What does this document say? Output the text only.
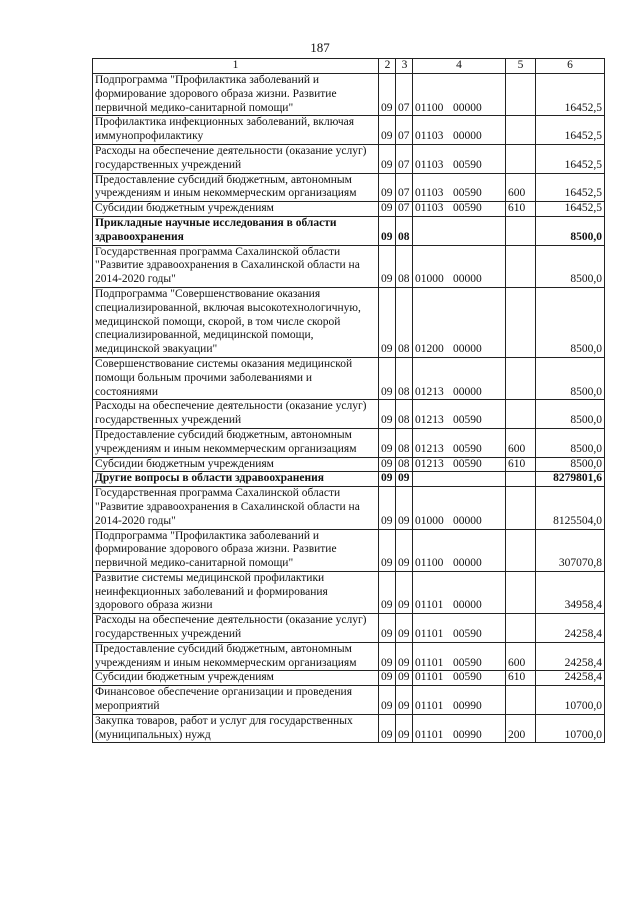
187
1	2	3	4	5	6
Подпрограмма "Профилактика заболеваний и формирование здорового образа жизни. Развитие первичной медико-санитарной помощи"	09	07	01100 00000		16452,5
Профилактика инфекционных заболеваний, включая иммунопрофилактику	09	07	01103 00000		16452,5
Расходы на обеспечение деятельности (оказание услуг) государственных учреждений	09	07	01103 00590		16452,5
Предоставление субсидий бюджетным, автономным учреждениям и иным некоммерческим организациям	09	07	01103 00590	600	16452,5
Субсидии бюджетным учреждениям	09	07	01103 00590	610	16452,5
Прикладные научные исследования в области здравоохранения	09	08			8500,0
Государственная программа Сахалинской области "Развитие здравоохранения в Сахалинской области на 2014-2020 годы"	09	08	01000 00000		8500,0
Подпрограмма "Совершенствование оказания специализированной, включая высокотехнологичную, медицинской помощи, скорой, в том числе скорой специализированной, медицинской помощи, медицинской эвакуации"	09	08	01200 00000		8500,0
Совершенствование системы оказания медицинской помощи больным прочими заболеваниями и состояниями	09	08	01213 00000		8500,0
Расходы на обеспечение деятельности (оказание услуг) государственных учреждений	09	08	01213 00590		8500,0
Предоставление субсидий бюджетным, автономным учреждениям и иным некоммерческим организациям	09	08	01213 00590	600	8500,0
Субсидии бюджетным учреждениям	09	08	01213 00590	610	8500,0
Другие вопросы в области здравоохранения	09	09			8279801,6
Государственная программа Сахалинской области "Развитие здравоохранения в Сахалинской области на 2014-2020 годы"	09	09	01000 00000		8125504,0
Подпрограмма "Профилактика заболеваний и формирование здорового образа жизни. Развитие первичной медико-санитарной помощи"	09	09	01100 00000		307070,8
Развитие системы медицинской профилактики неинфекционных заболеваний и формирования здорового образа жизни	09	09	01101 00000		34958,4
Расходы на обеспечение деятельности (оказание услуг) государственных учреждений	09	09	01101 00590		24258,4
Предоставление субсидий бюджетным, автономным учреждениям и иным некоммерческим организациям	09	09	01101 00590	600	24258,4
Субсидии бюджетным учреждениям	09	09	01101 00590	610	24258,4
Финансовое обеспечение организации и проведения мероприятий	09	09	01101 00990		10700,0
Закупка товаров, работ и услуг для государственных (муниципальных) нужд	09	09	01101 00990	200	10700,0
